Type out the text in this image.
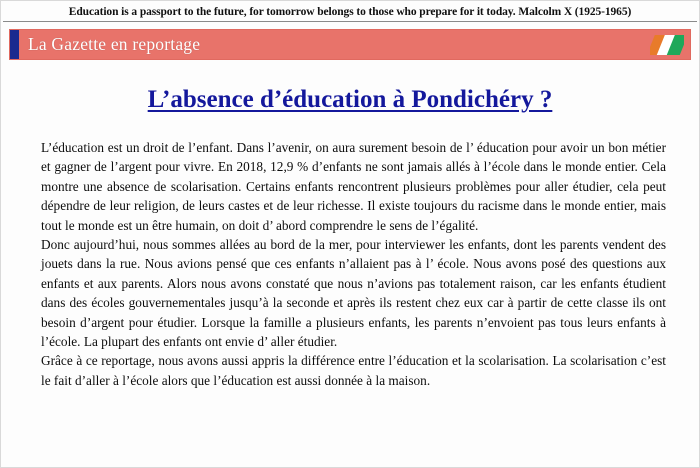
Education is a passport to the future, for tomorrow belongs to those who prepare for it today. Malcolm X (1925-1965)
La Gazette en reportage
L’absence d’éducation à Pondichéry ?

L’éducation est un droit de l’enfant. Dans l’avenir, on aura surement besoin de l’ éducation pour avoir un bon métier et gagner de l’argent pour vivre. En 2018, 12,9 % d’enfants ne sont jamais allés à l’école dans le monde entier. Cela montre une absence de scolarisation. Certains enfants rencontrent plusieurs problèmes pour aller étudier, cela peut dépendre de leur religion, de leurs castes et de leur richesse. Il existe toujours du racisme dans le monde entier, mais tout le monde est un être humain, on doit d’ abord comprendre le sens de l’égalité.

Donc aujourd’hui, nous sommes allées au bord de la mer, pour interviewer les enfants, dont les parents vendent des jouets dans la rue. Nous avions pensé que ces enfants n’allaient pas à l’ école. Nous avons posé des questions aux enfants et aux parents. Alors nous avons constaté que nous n’avions pas totalement raison, car les enfants étudient dans des écoles gouvernementales jusqu’à la seconde et après ils restent chez eux car à partir de cette classe ils ont besoin d’argent pour étudier. Lorsque la famille a plusieurs enfants, les parents n’envoient pas tous leurs enfants à l’école. La plupart des enfants ont envie d’ aller étudier.

Grâce à ce reportage, nous avons aussi appris la différence entre l’éducation et la scolarisation. La scolarisation c’est le fait d’aller à l’école alors que l’éducation est aussi donnée à la maison.
